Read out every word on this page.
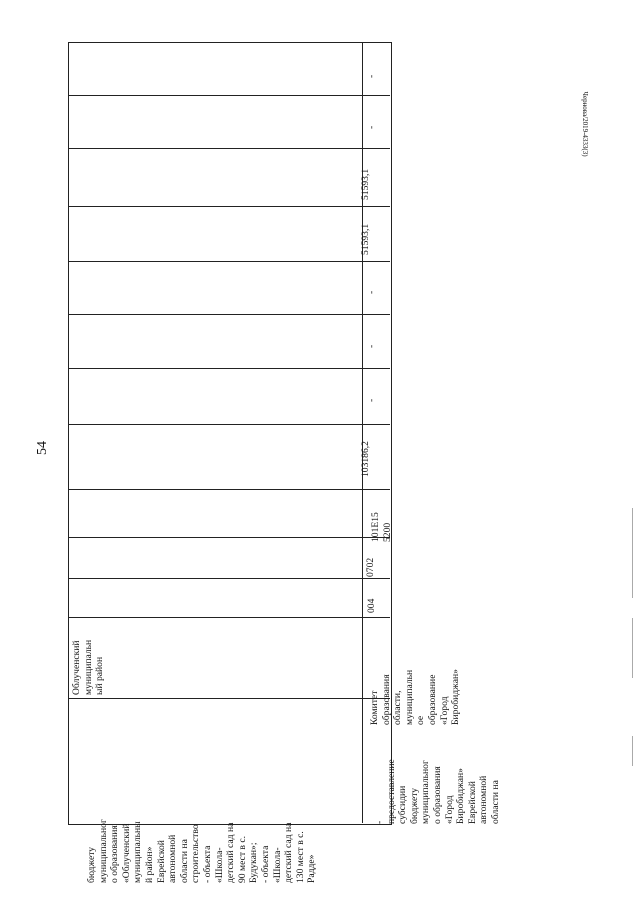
54
Чернова/2019-4333(3)
бюджету
муниципальног
о образования
«Облученский
муниципальны
й район»
Еврейской
автономной
области на
строительство
- объекта
«Школа-
детский сад на
90 мест в с.
Будукан»;
- объекта
«Школа-
детский сад на
130 мест в с.
Радде»
Облученский
муниципальн
ый район
-
предоставление
субсидии
бюджету
муниципальног
о образования
«Город
Биробиджан»
Еврейской
автономной
области на
Комитет
образования
области,
муниципальн
ое
образование
«Город
Биробиджан»
004
0702
101E15
5200
103186,2
-
-
-
51593,1
51593,1
-
-
